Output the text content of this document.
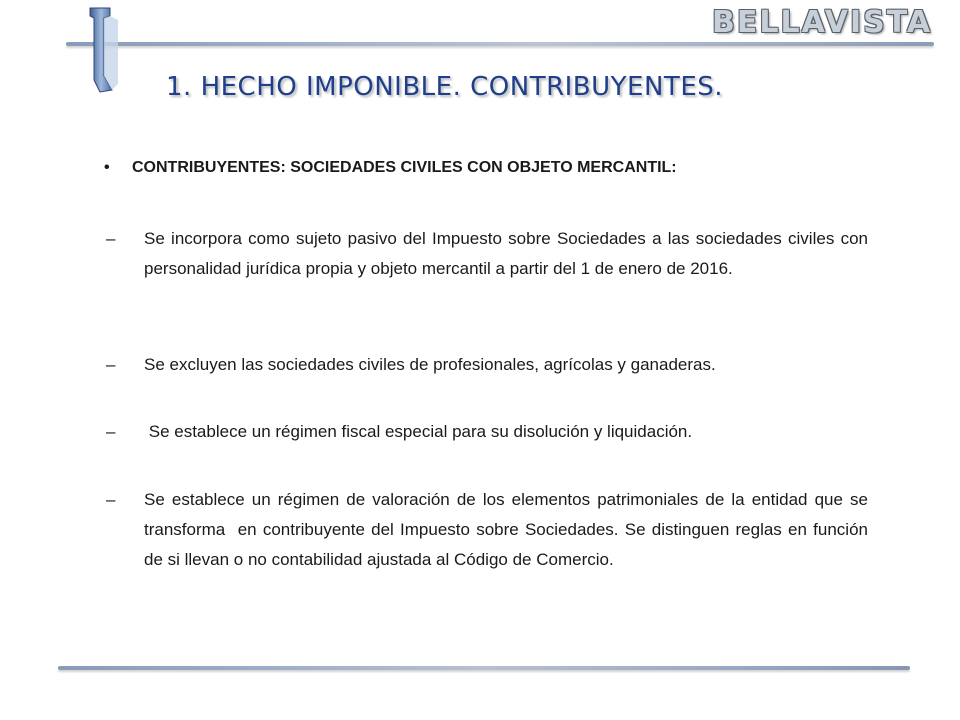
BELLAVISTA
1. HECHO IMPONIBLE. CONTRIBUYENTES.
• CONTRIBUYENTES: SOCIEDADES CIVILES CON OBJETO MERCANTIL:
–	Se incorpora como sujeto pasivo del Impuesto sobre Sociedades a las sociedades civiles con personalidad jurídica propia y objeto mercantil a partir del 1 de enero de 2016.
–	Se excluyen las sociedades civiles de profesionales, agrícolas y ganaderas.
–	Se establece un régimen fiscal especial para su disolución y liquidación.
–	Se establece un régimen de valoración de los elementos patrimoniales de la entidad que se transforma  en contribuyente del Impuesto sobre Sociedades. Se distinguen reglas en función de si llevan o no contabilidad ajustada al Código de Comercio.
